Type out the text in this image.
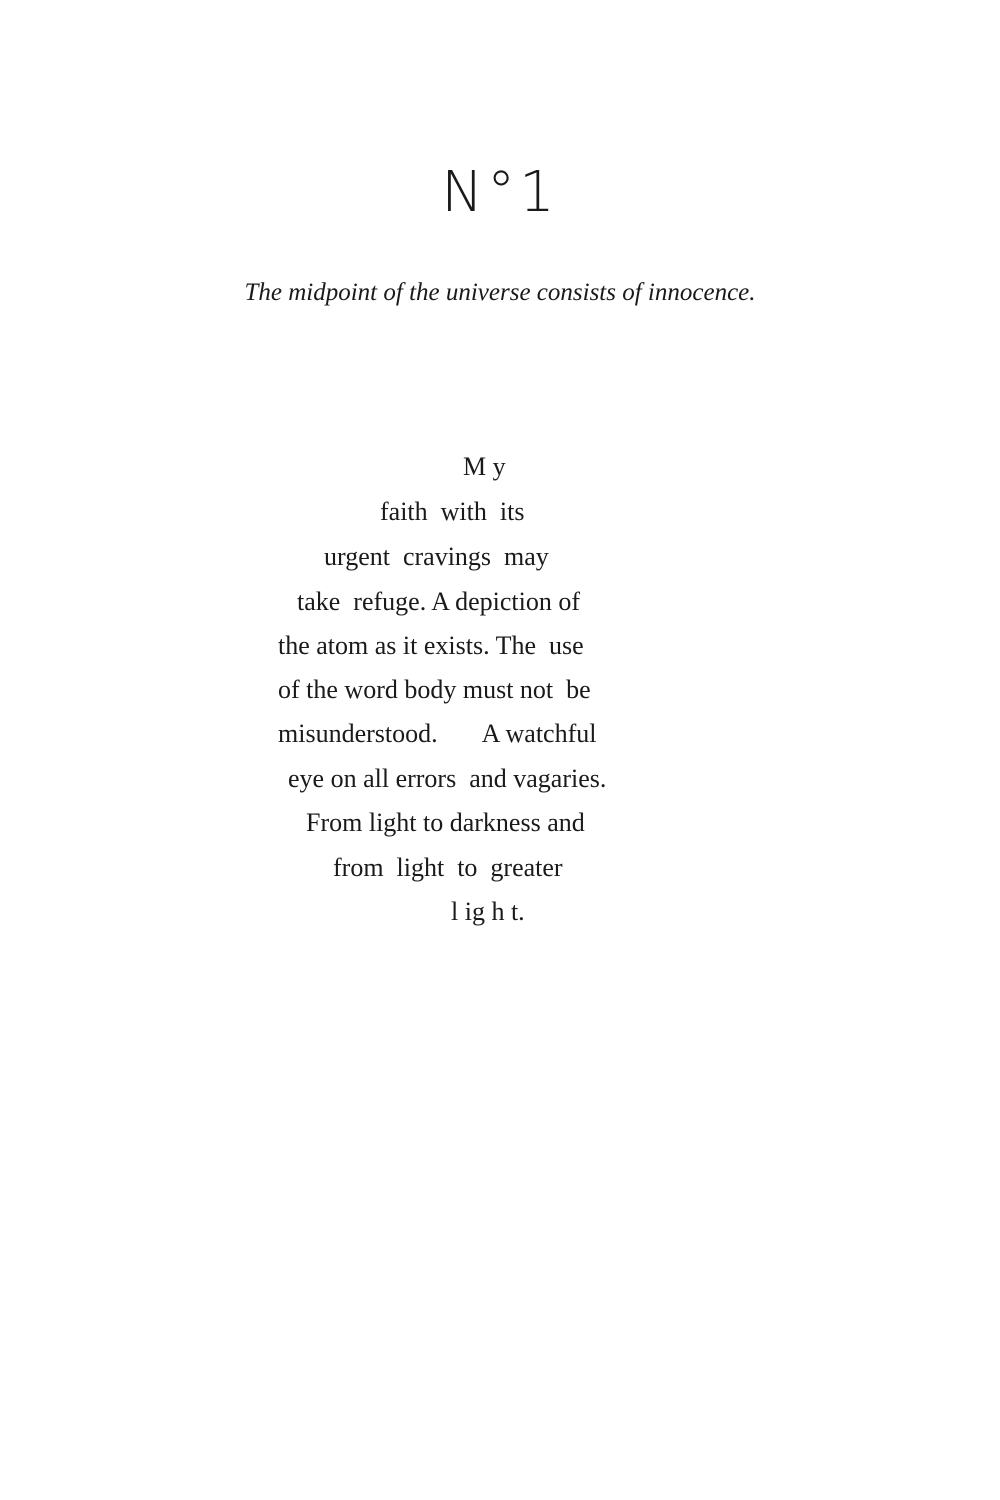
N°1
The midpoint of the universe consists of innocence.
M y
faith  with  its
urgent  cravings  may
take  refuge. A depiction of
the atom as it exists. The  use
of the word body must not  be
misunderstood.       A watchful
eye on all errors  and vagaries.
From light to darkness and
from  light  to  greater
l ig h t.
